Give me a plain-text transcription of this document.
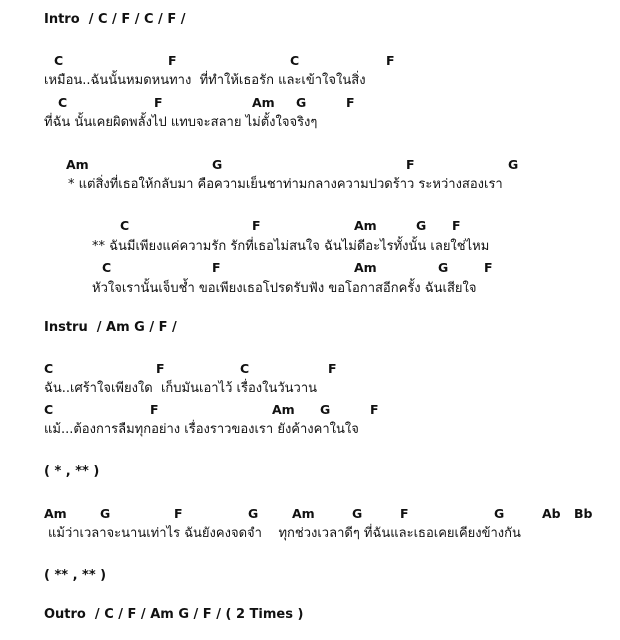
Intro  / C / F / C / F /
C	F	C	F
เหมือน..ฉันนั้นหมดหนทาง  ที่ทำให้เธอรัก และเข้าใจในสิ่ง
C	F	Am G	F
ที่ฉัน นั้นเคยผิดพลั้งไป แทบจะสลาย ไม่ตั้งใจจริงๆ
Am	G	F	G
* แต่สิ่งที่เธอให้กลับมา คือความเย็นชาท่ามกลางความปวดร้าว ระหว่างสองเรา
C	F	Am	G F
** ฉันมีเพียงแค่ความรัก รักที่เธอไม่สนใจ ฉันไม่ดีอะไรทั้งนั้น เลยใช่ไหม
C	F	Am	G	F
หัวใจเรานั้นเจ็บช้ำ ขอเพียงเธอโปรดรับฟัง ขอโอกาสอีกครั้ง ฉันเสียใจ
Instru  / Am G / F /
C	F	C	F
ฉัน..เศร้าใจเพียงใด  เก็บมันเอาไว้ เรื่องในวันวาน
C	F	Am G	F
แม้...ต้องการลืมทุกอย่าง เรื่องราวของเรา ยังค้างคาในใจ
( * , ** )
Am	G	F	G	Am	G	F	G	Ab Bb
แม้ว่าเวลาจะนานเท่าไร ฉันยังคงจดจำ    ทุกช่วงเวลาดีๆ ที่ฉันและเธอเคยเคียงข้างกัน
( ** , ** )
Outro  / C / F / Am G / F / ( 2 Times )
